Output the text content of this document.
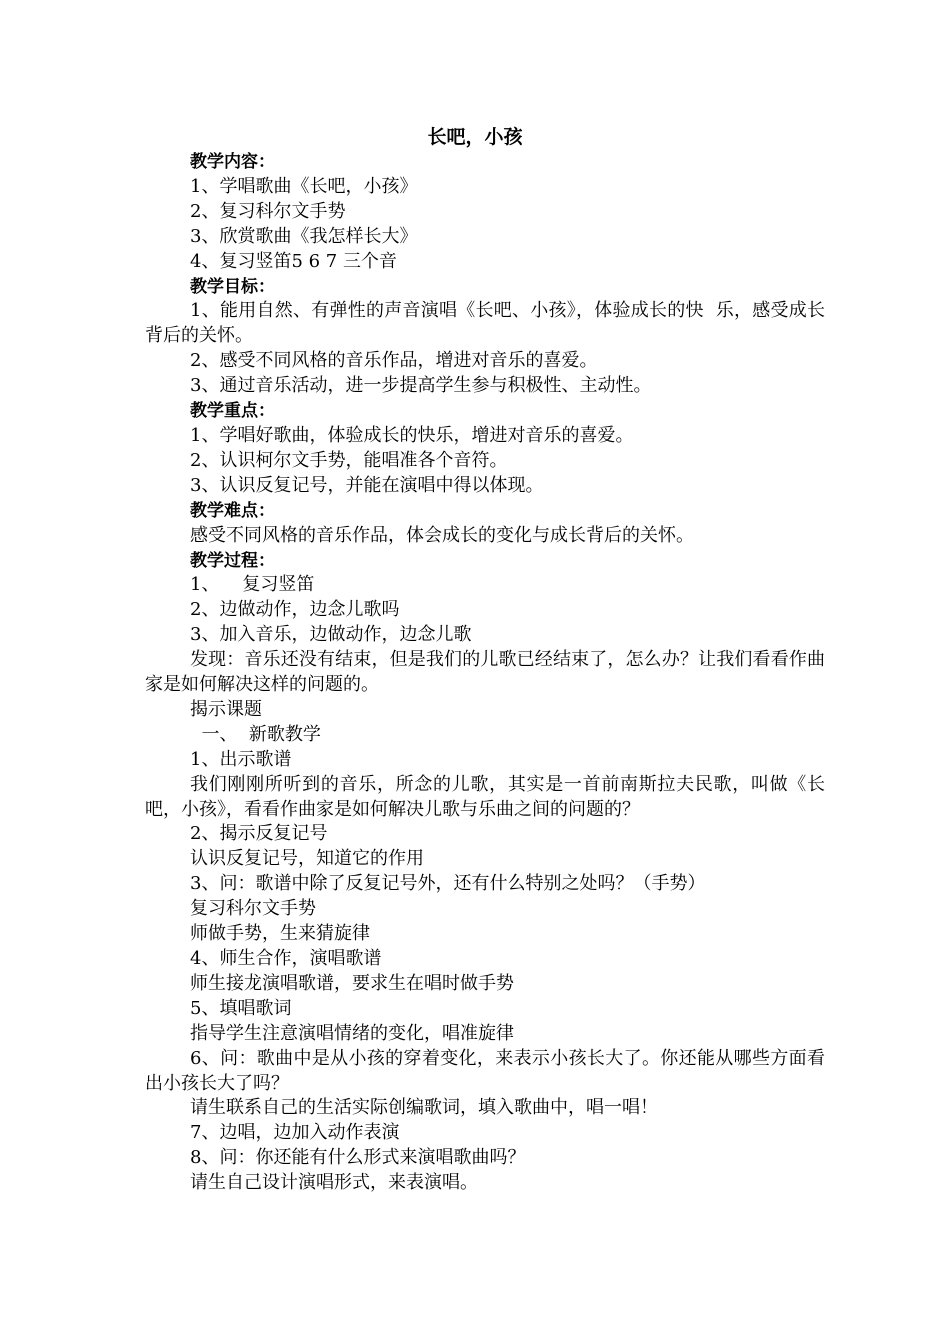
长吧，小孩

教学内容：

1、学唱歌曲《长吧，小孩》

2、复习科尔文手势

3、欣赏歌曲《我怎样长大》

4、复习竖笛5 6 7 三个音

教学目标：

1、能用自然、有弹性的声音演唱《长吧、小孩》，体验成长的快  乐，感受成长背后的关怀。

2、感受不同风格的音乐作品，增进对音乐的喜爱。

3、通过音乐活动，进一步提高学生参与积极性、主动性。

教学重点：

1、学唱好歌曲，体验成长的快乐，增进对音乐的喜爱。

2、认识柯尔文手势，能唱准各个音符。

3、认识反复记号，并能在演唱中得以体现。

教学难点：

感受不同风格的音乐作品，体会成长的变化与成长背后的关怀。

教学过程：

1、    复习竖笛

2、边做动作，边念儿歌吗

3、加入音乐，边做动作，边念儿歌

发现：音乐还没有结束，但是我们的儿歌已经结束了，怎么办？让我们看看作曲家是如何解决这样的问题的。

揭示课题

一、  新歌教学

1、出示歌谱

我们刚刚所听到的音乐，所念的儿歌，其实是一首前南斯拉夫民歌，叫做《长吧，小孩》，看看作曲家是如何解决儿歌与乐曲之间的问题的？

2、揭示反复记号

认识反复记号，知道它的作用

3、问：歌谱中除了反复记号外，还有什么特别之处吗？（手势）

复习科尔文手势

师做手势，生来猜旋律

4、师生合作，演唱歌谱

师生接龙演唱歌谱，要求生在唱时做手势

5、填唱歌词

指导学生注意演唱情绪的变化，唱准旋律

6、问：歌曲中是从小孩的穿着变化，来表示小孩长大了。你还能从哪些方面看出小孩长大了吗？

请生联系自己的生活实际创编歌词，填入歌曲中，唱一唱！

7、边唱，边加入动作表演

8、问：你还能有什么形式来演唱歌曲吗？

请生自己设计演唱形式，来表演唱。
